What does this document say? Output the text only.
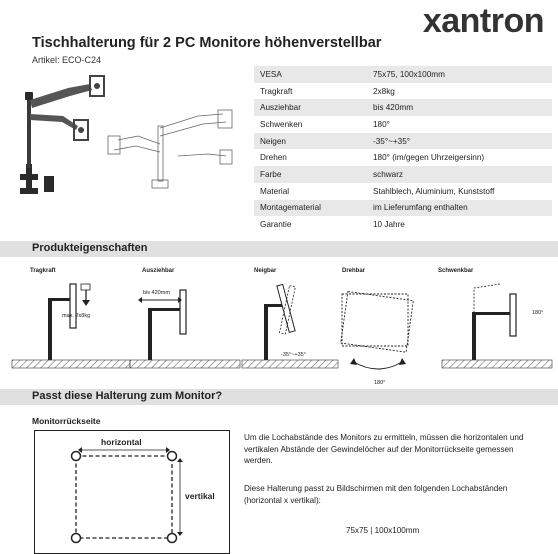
xantron
Tischhalterung für 2 PC Monitore höhenverstellbar
Artikel: ECO-C24
VESA	75x75, 100x100mm
Tragkraft	2x8kg
Ausziehbar	bis 420mm
Schwenken	180°
Neigen	-35°~+35°
Drehen	180° (im/gegen Uhrzeigersinn)
Farbe	schwarz
Material	Stahlblech, Aluminium, Kunststoff
Montagematerial	im Lieferumfang enthalten
Garantie	10 Jahre
Produkteigenschaften
Tragkraft	Ausziehbar	Neigbar	Drehbar	Schwenkbar
max. 2x8kg
bis 420mm
-35°~+35°
180°
180°
Passt diese Halterung zum Monitor?
Monitorrückseite
horizontal
vertikal
Um die Lochabstände des Monitors zu ermitteln, müssen die horizontalen und vertikalen Abstände der Gewindelöcher auf der Monitorrückseite gemessen werden.
Diese Halterung passt zu Bildschirmen mit den folgenden Lochabständen (horizontal x vertikal):
75x75 | 100x100mm
